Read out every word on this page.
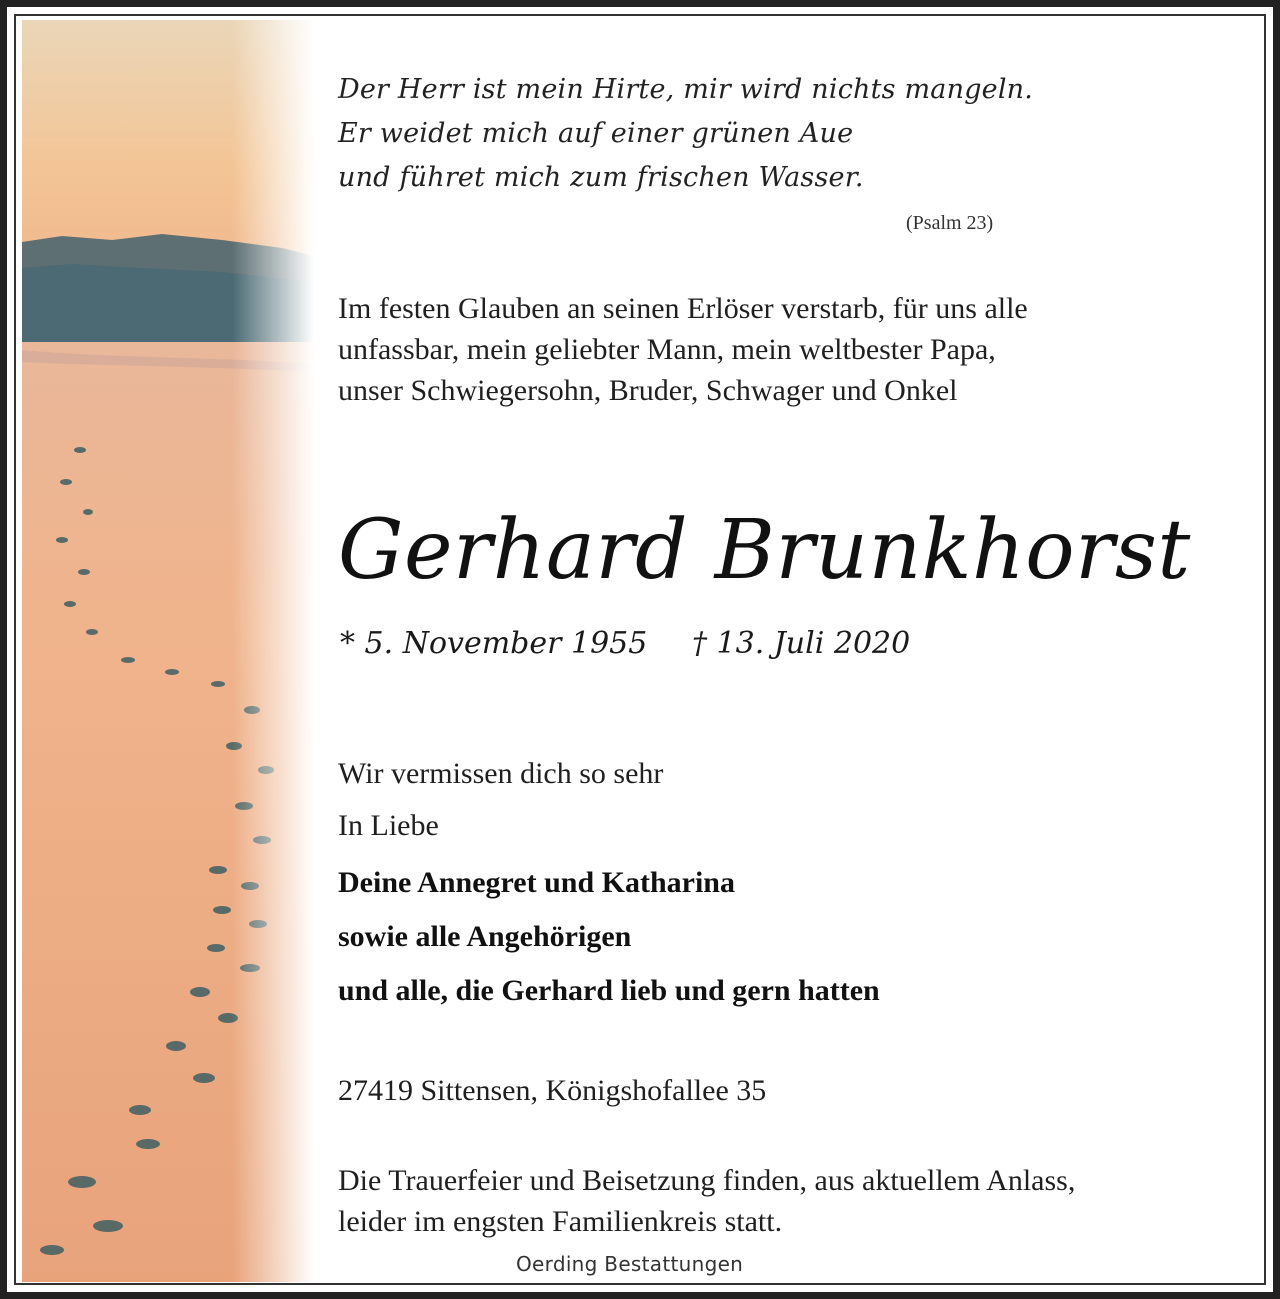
Der Herr ist mein Hirte, mir wird nichts mangeln.
Er weidet mich auf einer grünen Aue
und führet mich zum frischen Wasser.
(Psalm 23)
Im festen Glauben an seinen Erlöser verstarb, für uns alle
unfassbar, mein geliebter Mann, mein weltbester Papa,
unser Schwiegersohn, Bruder, Schwager und Onkel
Gerhard Brunkhorst
* 5. November 1955 † 13. Juli 2020
Wir vermissen dich so sehr
In Liebe
Deine Annegret und Katharina
sowie alle Angehörigen
und alle, die Gerhard lieb und gern hatten
27419 Sittensen, Königshofallee 35
Die Trauerfeier und Beisetzung finden, aus aktuellem Anlass,
leider im engsten Familienkreis statt.
Oerding Bestattungen
